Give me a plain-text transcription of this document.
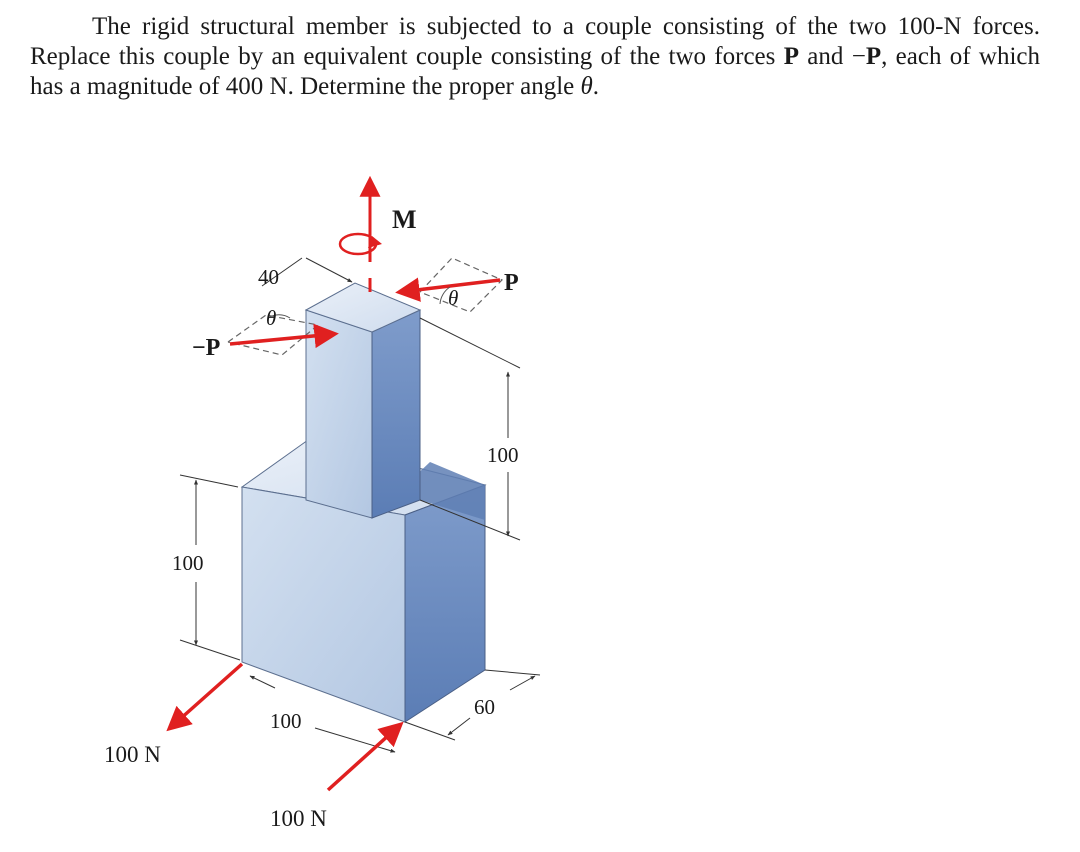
The rigid structural member is subjected to a couple consisting of the two 100-N forces. Replace this couple by an equivalent couple consisting of the two forces P and −P, each of which has a magnitude of 400 N. Determine the proper angle θ.
40
100
100
100
60
M
P
θ
−P
θ
100 N
100 N
